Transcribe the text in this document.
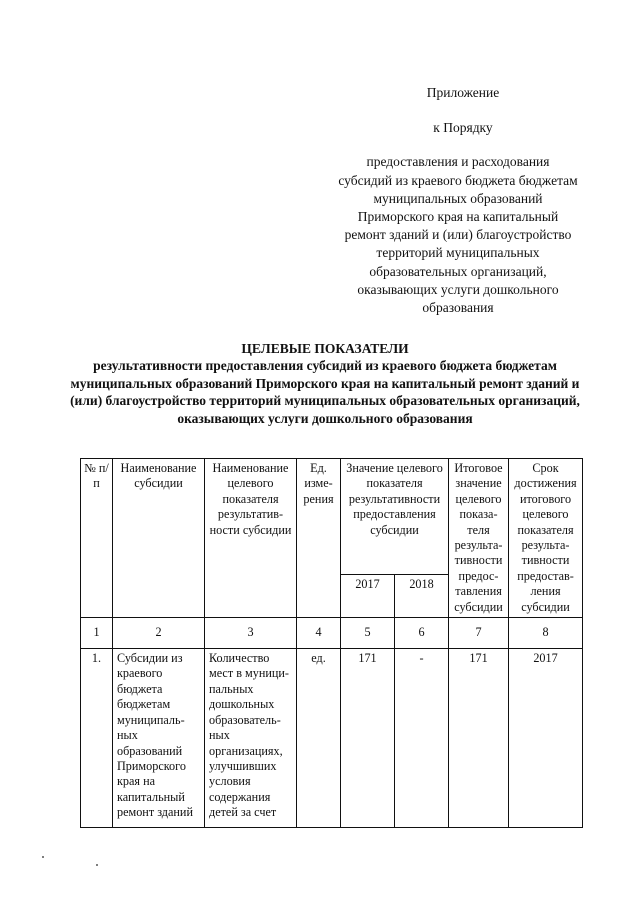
Приложение
к Порядку
предоставления и расходования субсидий из краевого бюджета бюджетам муниципальных образований Приморского края на капитальный ремонт зданий и (или) благоустройство территорий муниципальных образовательных организаций, оказывающих услуги дошкольного образования
ЦЕЛЕВЫЕ ПОКАЗАТЕЛИ
результативности предоставления субсидий из краевого бюджета бюджетам муниципальных образований Приморского края на капитальный ремонт зданий и (или) благоустройство территорий муниципальных образовательных организаций, оказывающих услуги дошкольного образования
№ п/п	Наименование субсидии	Наименование целевого показателя результатив-ности субсидии	Ед. изме-рения	Значение целевого показателя результативности предоставления субсидии		Итоговое значение целевого показа-теля результа-тивности предос-тавления субсидии	Срок достижения итогового целевого показателя результа-тивности предостав-ления субсидии
				2017	2018		
1	2	3	4	5	6	7	8
1.	Субсидии из краевого бюджета бюджетам муниципаль-ных образований Приморского края на капитальный ремонт зданий	Количество мест в муници-пальных дошкольных образователь-ных организациях, улучшивших условия содержания детей за счет	ед.	171	-	171	2017
